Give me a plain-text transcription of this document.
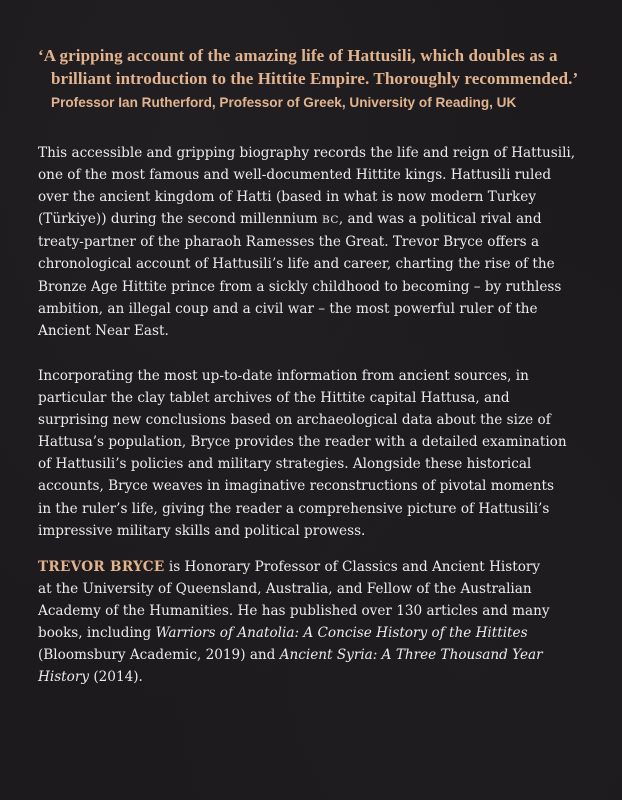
‘A gripping account of the amazing life of Hattusili, which doubles as a
brilliant introduction to the Hittite Empire. Thoroughly recommended.’
Professor Ian Rutherford, Professor of Greek, University of Reading, UK
This accessible and gripping biography records the life and reign of Hattusili,
one of the most famous and well-documented Hittite kings. Hattusili ruled
over the ancient kingdom of Hatti (based in what is now modern Turkey
(Türkiye)) during the second millennium BC, and was a political rival and
treaty-partner of the pharaoh Ramesses the Great. Trevor Bryce offers a
chronological account of Hattusili’s life and career, charting the rise of the
Bronze Age Hittite prince from a sickly childhood to becoming – by ruthless
ambition, an illegal coup and a civil war – the most powerful ruler of the
Ancient Near East.
Incorporating the most up-to-date information from ancient sources, in
particular the clay tablet archives of the Hittite capital Hattusa, and
surprising new conclusions based on archaeological data about the size of
Hattusa’s population, Bryce provides the reader with a detailed examination
of Hattusili’s policies and military strategies. Alongside these historical
accounts, Bryce weaves in imaginative reconstructions of pivotal moments
in the ruler’s life, giving the reader a comprehensive picture of Hattusili’s
impressive military skills and political prowess.
TREVOR BRYCE is Honorary Professor of Classics and Ancient History
at the University of Queensland, Australia, and Fellow of the Australian
Academy of the Humanities. He has published over 130 articles and many
books, including Warriors of Anatolia: A Concise History of the Hittites
(Bloomsbury Academic, 2019) and Ancient Syria: A Three Thousand Year
History (2014).
